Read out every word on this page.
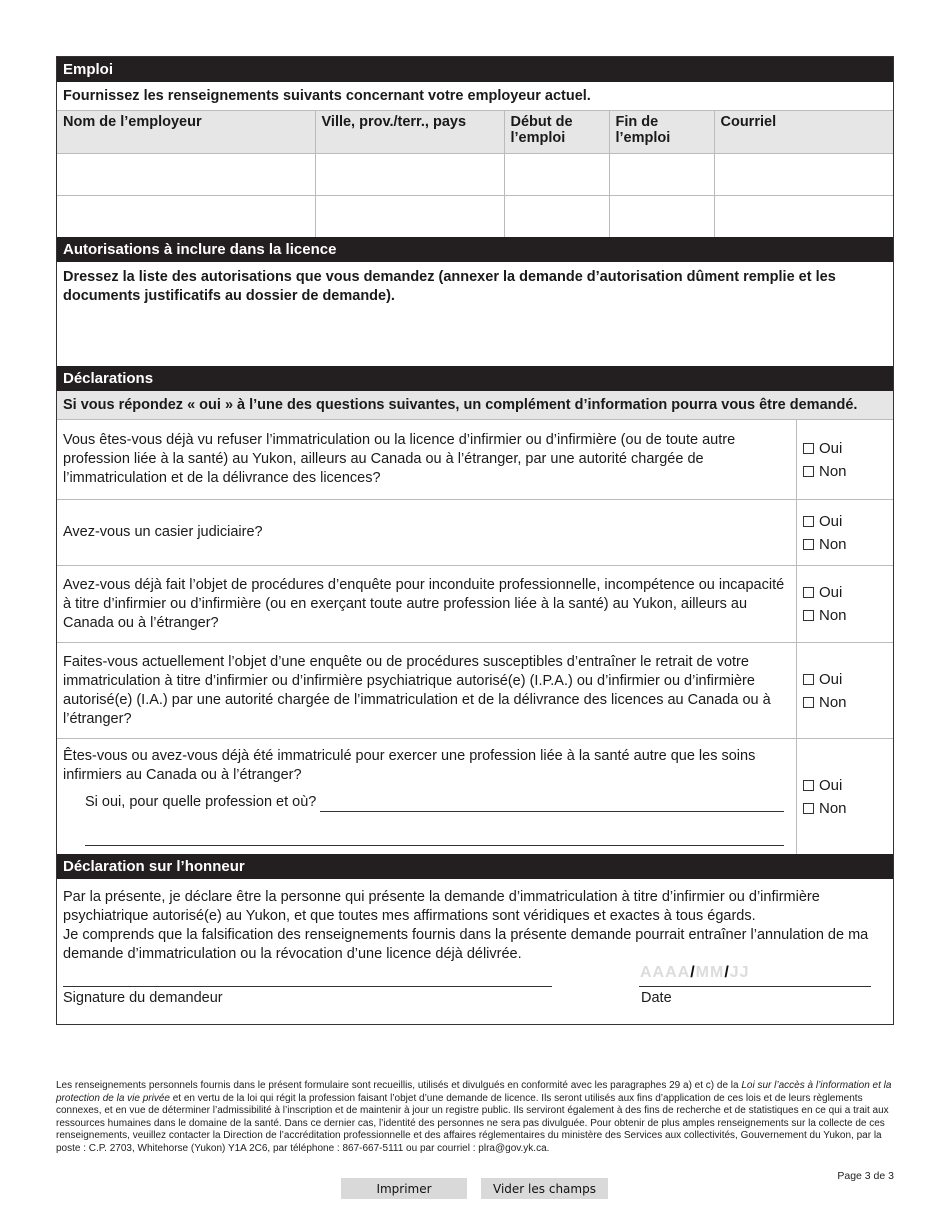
Emploi
Fournissez les renseignements suivants concernant votre employeur actuel.
Nom de l’employeur	Ville, prov./terr., pays	Début de l’emploi	Fin de l’emploi	Courriel

Autorisations à inclure dans la licence
Dressez la liste des autorisations que vous demandez (annexer la demande d’autorisation dûment remplie et les documents justificatifs au dossier de demande).
Déclarations
Si vous répondez « oui » à l’une des questions suivantes, un complément d’information pourra vous être demandé.
Vous êtes-vous déjà vu refuser l’immatriculation ou la licence d’infirmier ou d’infirmière (ou de toute autre profession liée à la santé) au Yukon, ailleurs au Canada ou à l’étranger, par une autorité chargée de l’immatriculation et de la délivrance des licences?
Oui
Non
Avez-vous un casier judiciaire?
Oui
Non
Avez-vous déjà fait l’objet de procédures d’enquête pour inconduite professionnelle, incompétence ou incapacité à titre d’infirmier ou d’infirmière (ou en exerçant toute autre profession liée à la santé) au Yukon, ailleurs au Canada ou à l’étranger?
Oui
Non
Faites-vous actuellement l’objet d’une enquête ou de procédures susceptibles d’entraîner le retrait de votre immatriculation à titre d’infirmier ou d’infirmière psychiatrique autorisé(e) (I.P.A.) ou d’infirmier ou d’infirmière autorisé(e) (I.A.) par une autorité chargée de l’immatriculation et de la délivrance des licences au Canada ou à l’étranger?
Oui
Non
Êtes-vous ou avez-vous déjà été immatriculé pour exercer une profession liée à la santé autre que les soins infirmiers au Canada ou à l’étranger?
Si oui, pour quelle profession et où?
Oui
Non
Déclaration sur l’honneur
Par la présente, je déclare être la personne qui présente la demande d’immatriculation à titre d’infirmier ou d’infirmière psychiatrique autorisé(e) au Yukon, et que toutes mes affirmations sont véridiques et exactes à tous égards.
Je comprends que la falsification des renseignements fournis dans la présente demande pourrait entraîner l’annulation de ma demande d’immatriculation ou la révocation d’une licence déjà délivrée.
Signature du demandeur
AAAA/MM/JJ
Date
Les renseignements personnels fournis dans le présent formulaire sont recueillis, utilisés et divulgués en conformité avec les paragraphes 29 a) et c) de la Loi sur l’accès à l’information et la protection de la vie privée et en vertu de la loi qui régit la profession faisant l’objet d’une demande de licence. Ils seront utilisés aux fins d’application de ces lois et de leurs règlements connexes, et en vue de déterminer l’admissibilité à l’inscription et de maintenir à jour un registre public. Ils serviront également à des fins de recherche et de statistiques en ce qui a trait aux ressources humaines dans le domaine de la santé. Dans ce dernier cas, l’identité des personnes ne sera pas divulguée. Pour obtenir de plus amples renseignements sur la collecte de ces renseignements, veuillez contacter la Direction de l’accréditation professionnelle et des affaires réglementaires du ministère des Services aux collectivités, Gouvernement du Yukon, par la poste : C.P. 2703, Whitehorse (Yukon) Y1A 2C6, par téléphone : 867-667-5111 ou par courriel : plra@gov.yk.ca.
Page 3 de 3
Imprimer	Vider les champs
